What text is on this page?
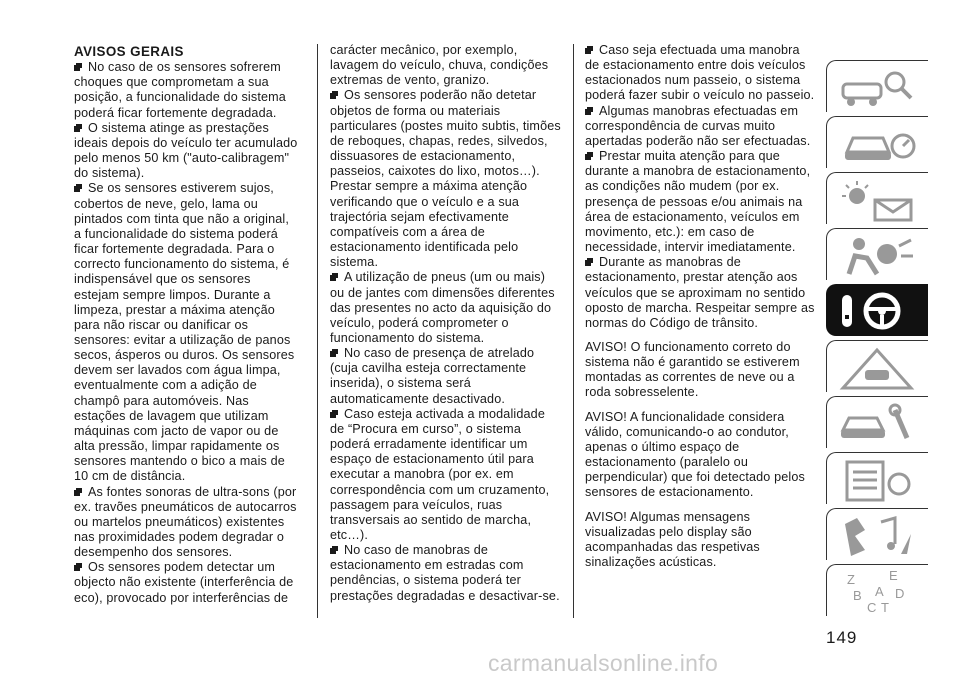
AVISOS GERAIS

No caso de os sensores sofrerem choques que comprometam a sua posição, a funcionalidade do sistema poderá ficar fortemente degradada.

O sistema atinge as prestações ideais depois do veículo ter acumulado pelo menos 50 km ("auto-calibragem" do sistema).

Se os sensores estiverem sujos, cobertos de neve, gelo, lama ou pintados com tinta que não a original, a funcionalidade do sistema poderá ficar fortemente degradada. Para o correcto funcionamento do sistema, é indispensável que os sensores estejam sempre limpos. Durante a limpeza, prestar a máxima atenção para não riscar ou danificar os sensores: evitar a utilização de panos secos, ásperos ou duros. Os sensores devem ser lavados com água limpa, eventualmente com a adição de champô para automóveis. Nas estações de lavagem que utilizam máquinas com jacto de vapor ou de alta pressão, limpar rapidamente os sensores mantendo o bico a mais de 10 cm de distância.

As fontes sonoras de ultra-sons (por ex. travões pneumáticos de autocarros ou martelos pneumáticos) existentes nas proximidades podem degradar o desempenho dos sensores.

Os sensores podem detectar um objecto não existente (interferência de eco), provocado por interferências de

carácter mecânico, por exemplo, lavagem do veículo, chuva, condições extremas de vento, granizo.

Os sensores poderão não detetar objetos de forma ou materiais particulares (postes muito subtis, timões de reboques, chapas, redes, silvedos, dissuasores de estacionamento, passeios, caixotes do lixo, motos…). Prestar sempre a máxima atenção verificando que o veículo e a sua trajectória sejam efectivamente compatíveis com a área de estacionamento identificada pelo sistema.

A utilização de pneus (um ou mais) ou de jantes com dimensões diferentes das presentes no acto da aquisição do veículo, poderá comprometer o funcionamento do sistema.

No caso de presença de atrelado (cuja cavilha esteja correctamente inserida), o sistema será automaticamente desactivado.

Caso esteja activada a modalidade de “Procura em curso”, o sistema poderá erradamente identificar um espaço de estacionamento útil para executar a manobra (por ex. em correspondência com um cruzamento, passagem para veículos, ruas transversais ao sentido de marcha, etc…).

No caso de manobras de estacionamento em estradas com pendências, o sistema poderá ter prestações degradadas e desactivar-se.

Caso seja efectuada uma manobra de estacionamento entre dois veículos estacionados num passeio, o sistema poderá fazer subir o veículo no passeio.

Algumas manobras efectuadas em correspondência de curvas muito apertadas poderão não ser efectuadas.

Prestar muita atenção para que durante a manobra de estacionamento, as condições não mudem (por ex. presença de pessoas e/ou animais na área de estacionamento, veículos em movimento, etc.): em caso de necessidade, intervir imediatamente.

Durante as manobras de estacionamento, prestar atenção aos veículos que se aproximam no sentido oposto de marcha. Respeitar sempre as normas do Código de trânsito.

AVISO! O funcionamento correto do sistema não é garantido se estiverem montadas as correntes de neve ou a roda sobresselente.

AVISO! A funcionalidade considera válido, comunicando-o ao condutor, apenas o último espaço de estacionamento (paralelo ou perpendicular) que foi detectado pelos sensores de estacionamento.

AVISO! Algumas mensagens visualizadas pelo display são acompanhadas das respetivas sinalizações acústicas.

Z	E
B	D
C T
A
149
carmanualsonline.info
